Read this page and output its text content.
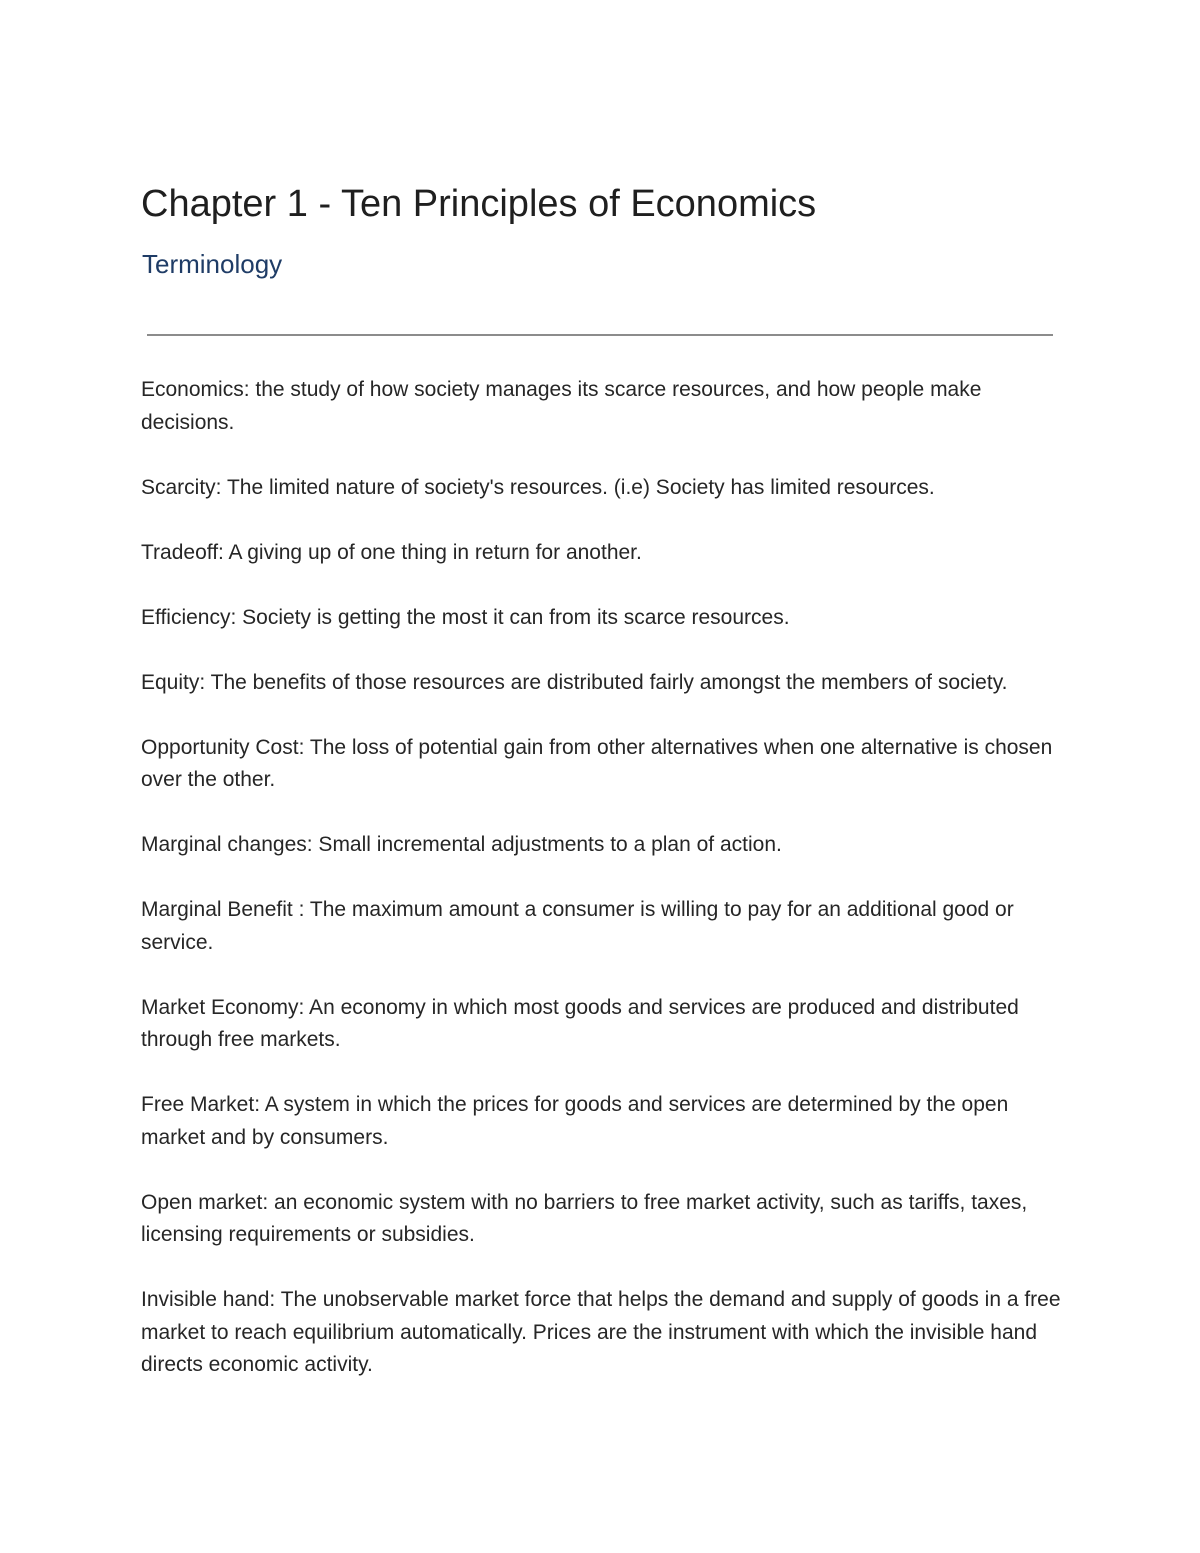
Chapter 1 - Ten Principles of Economics
Terminology

Economics: the study of how society manages its scarce resources, and how people make decisions.

Scarcity: The limited nature of society's resources. (i.e) Society has limited resources.

Tradeoff: A giving up of one thing in return for another.

Efficiency: Society is getting the most it can from its scarce resources.

Equity: The benefits of those resources are distributed fairly amongst the members of society.

Opportunity Cost: The loss of potential gain from other alternatives when one alternative is chosen over the other.

Marginal changes: Small incremental adjustments to a plan of action.

Marginal Benefit : The maximum amount a consumer is willing to pay for an additional good or service.

Market Economy: An economy in which most goods and services are produced and distributed through free markets.

Free Market: A system in which the prices for goods and services are determined by the open market and by consumers.

Open market: an economic system with no barriers to free market activity, such as tariffs, taxes, licensing requirements or subsidies.

Invisible hand: The unobservable market force that helps the demand and supply of goods in a free market to reach equilibrium automatically. Prices are the instrument with which the invisible hand directs economic activity.
